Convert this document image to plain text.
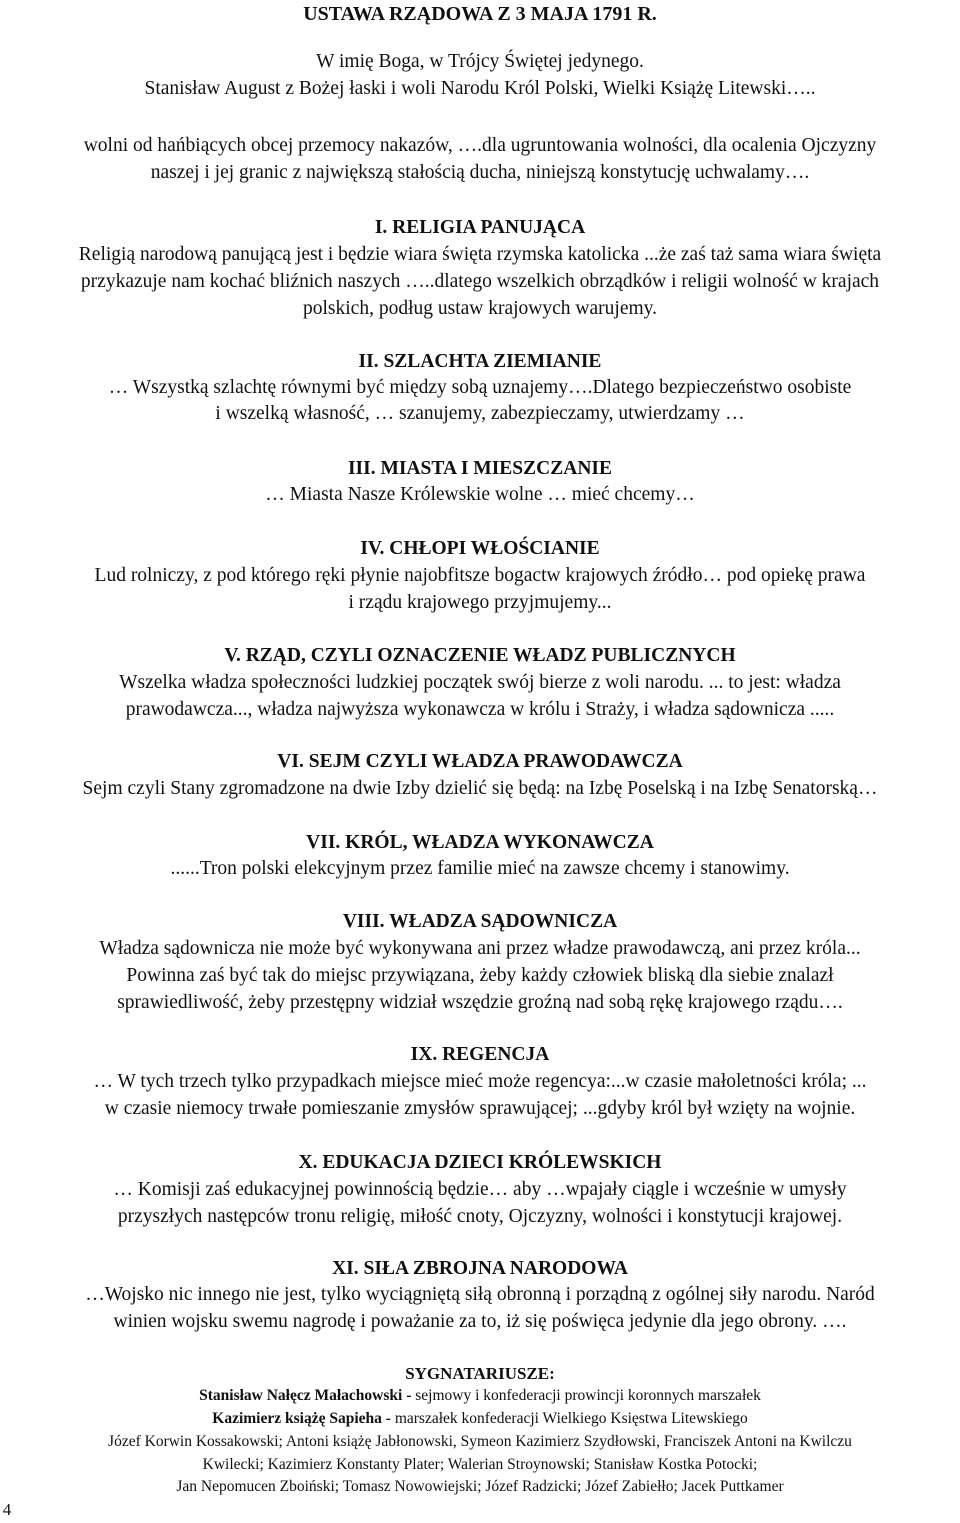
USTAWA RZĄDOWA Z 3 MAJA 1791 R.
W imię Boga, w Trójcy Świętej jedynego.
Stanisław August z Bożej łaski i woli Narodu Król Polski, Wielki Książę Litewski…..
wolni od hańbiących obcej przemocy nakazów, ….dla ugruntowania wolności, dla ocalenia Ojczyzny
naszej i jej granic z największą stałością ducha, niniejszą konstytucję uchwalamy….
I. RELIGIA PANUJĄCA
Religią narodową panującą jest i będzie wiara święta rzymska katolicka ...że zaś taż sama wiara święta
przykazuje nam kochać bliźnich naszych …..dlatego wszelkich obrządków i religii wolność w krajach
polskich, podług ustaw krajowych warujemy.
II. SZLACHTA ZIEMIANIE
… Wszystką szlachtę równymi być między sobą uznajemy….Dlatego bezpieczeństwo osobiste
i wszelką własność, … szanujemy, zabezpieczamy, utwierdzamy …
III. MIASTA I MIESZCZANIE
… Miasta Nasze Królewskie wolne … mieć chcemy…
IV. CHŁOPI WŁOŚCIANIE
Lud rolniczy, z pod którego ręki płynie najobfitsze bogactw krajowych źródło… pod opiekę prawa
i rządu krajowego przyjmujemy...
V. RZĄD, CZYLI OZNACZENIE WŁADZ PUBLICZNYCH
Wszelka władza społeczności ludzkiej początek swój bierze z woli narodu. ... to jest: władza
prawodawcza..., władza najwyższa wykonawcza w królu i Straży, i władza sądownicza .....
VI. SEJM CZYLI WŁADZA PRAWODAWCZA
Sejm czyli Stany zgromadzone na dwie Izby dzielić się będą: na Izbę Poselską i na Izbę Senatorską…
VII. KRÓL, WŁADZA WYKONAWCZA
......Tron polski elekcyjnym przez familie mieć na zawsze chcemy i stanowimy.
VIII. WŁADZA SĄDOWNICZA
Władza sądownicza nie może być wykonywana ani przez władze prawodawczą, ani przez króla...
Powinna zaś być tak do miejsc przywiązana, żeby każdy człowiek bliską dla siebie znalazł
sprawiedliwość, żeby przestępny widział wszędzie groźną nad sobą rękę krajowego rządu….
IX. REGENCJA
… W tych trzech tylko przypadkach miejsce mieć może regencya:...w czasie małoletności króla; ...
w czasie niemocy trwałe pomieszanie zmysłów sprawującej; ...gdyby król był wzięty na wojnie.
X. EDUKACJA DZIECI KRÓLEWSKICH
… Komisji zaś edukacyjnej powinnością będzie… aby …wpajały ciągle i wcześnie w umysły
przyszłych następców tronu religię, miłość cnoty, Ojczyzny, wolności i konstytucji krajowej.
XI. SIŁA ZBROJNA NARODOWA
…Wojsko nic innego nie jest, tylko wyciągniętą siłą obronną i porządną z ogólnej siły narodu. Naród
winien wojsku swemu nagrodę i poważanie za to, iż się poświęca jedynie dla jego obrony. ….
SYGNATARIUSZE:
Stanisław Nałęcz Małachowski - sejmowy i konfederacji prowincji koronnych marszałek
Kazimierz książę Sapieha - marszałek konfederacji Wielkiego Księstwa Litewskiego
Józef Korwin Kossakowski; Antoni książę Jabłonowski, Symeon Kazimierz Szydłowski, Franciszek Antoni na Kwilczu
Kwilecki; Kazimierz Konstanty Plater; Walerian Stroynowski; Stanisław Kostka Potocki;
Jan Nepomucen Zboiński; Tomasz Nowowiejski; Józef Radzicki; Józef Zabiełło; Jacek Puttkamer
4
